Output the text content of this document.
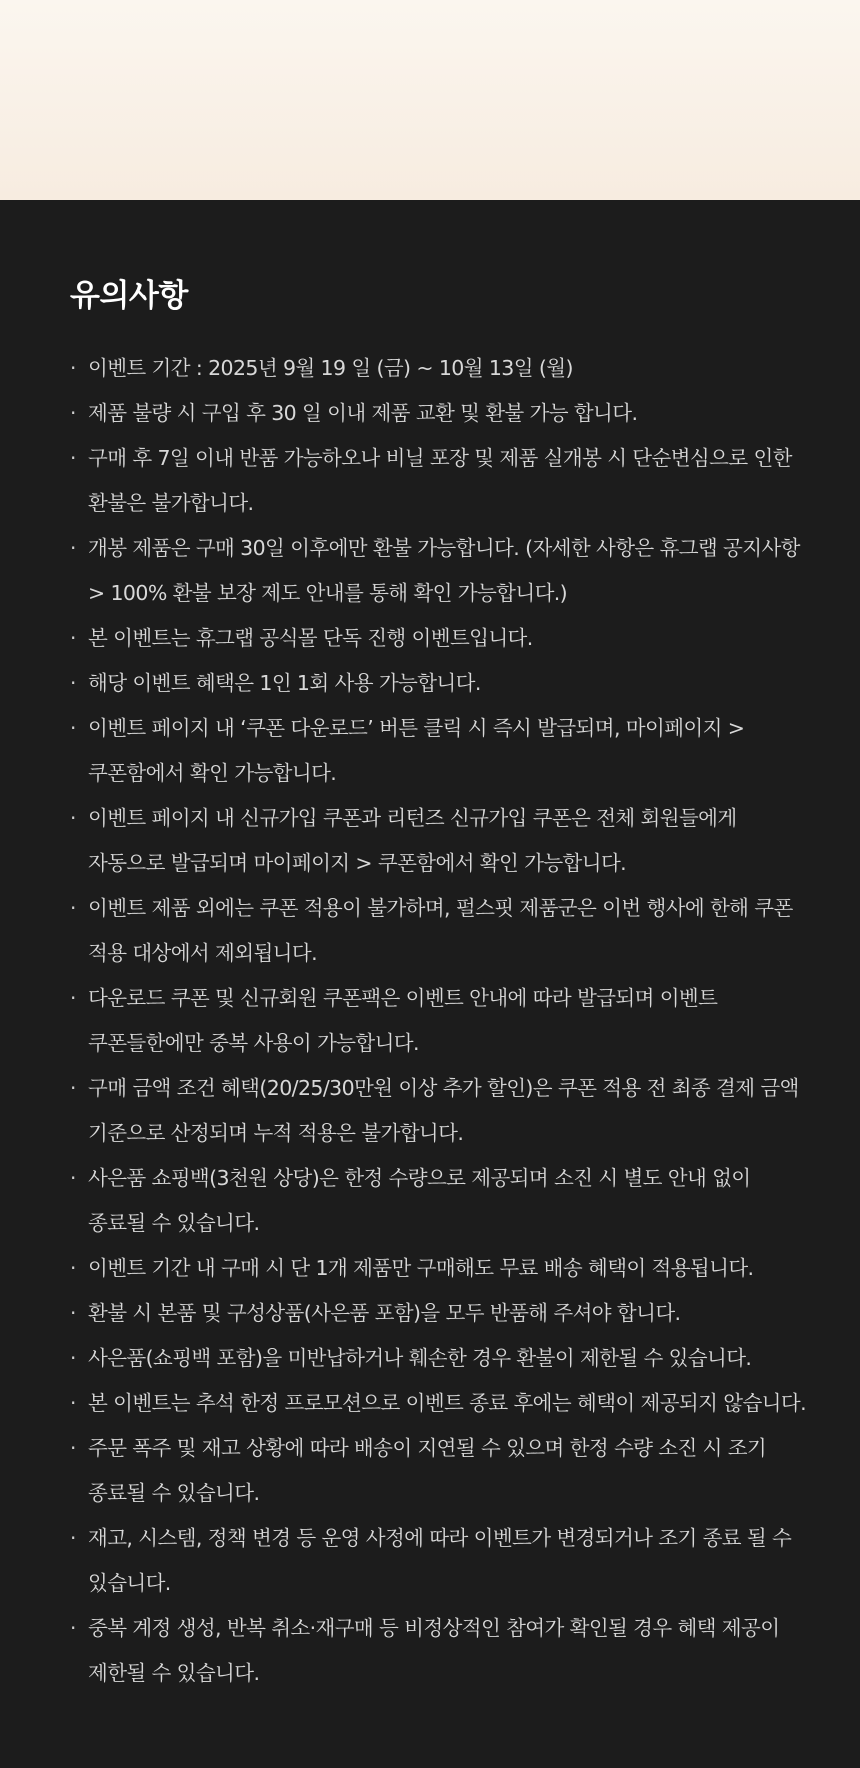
유의사항
· 이벤트 기간 : 2025년 9월 19 일 (금) ~ 10월 13일 (월)
· 제품 불량 시 구입 후 30 일 이내 제품 교환 및 환불 가능 합니다.
· 구매 후 7일 이내 반품 가능하오나 비닐 포장 및 제품 실개봉 시 단순변심으로 인한 환불은 불가합니다.
· 개봉 제품은 구매 30일 이후에만 환불 가능합니다. (자세한 사항은 휴그랩 공지사항 > 100% 환불 보장 제도 안내를 통해 확인 가능합니다.)
· 본 이벤트는 휴그랩 공식몰 단독 진행 이벤트입니다.
· 해당 이벤트 혜택은 1인 1회 사용 가능합니다.
· 이벤트 페이지 내 ‘쿠폰 다운로드’ 버튼 클릭 시 즉시 발급되며, 마이페이지 > 쿠폰함에서 확인 가능합니다.
· 이벤트 페이지 내 신규가입 쿠폰과 리턴즈 신규가입 쿠폰은 전체 회원들에게 자동으로 발급되며 마이페이지 > 쿠폰함에서 확인 가능합니다.
· 이벤트 제품 외에는 쿠폰 적용이 불가하며, 펄스핏 제품군은 이번 행사에 한해 쿠폰 적용 대상에서 제외됩니다.
· 다운로드 쿠폰 및 신규회원 쿠폰팩은 이벤트 안내에 따라 발급되며 이벤트 쿠폰들한에만 중복 사용이 가능합니다.
· 구매 금액 조건 혜택(20/25/30만원 이상 추가 할인)은 쿠폰 적용 전 최종 결제 금액 기준으로 산정되며 누적 적용은 불가합니다.
· 사은품 쇼핑백(3천원 상당)은 한정 수량으로 제공되며 소진 시 별도 안내 없이 종료될 수 있습니다.
· 이벤트 기간 내 구매 시 단 1개 제품만 구매해도 무료 배송 혜택이 적용됩니다.
· 환불 시 본품 및 구성상품(사은품 포함)을 모두 반품해 주셔야 합니다.
· 사은품(쇼핑백 포함)을 미반납하거나 훼손한 경우 환불이 제한될 수 있습니다.
· 본 이벤트는 추석 한정 프로모션으로 이벤트 종료 후에는 혜택이 제공되지 않습니다.
· 주문 폭주 및 재고 상황에 따라 배송이 지연될 수 있으며 한정 수량 소진 시 조기 종료될 수 있습니다.
· 재고, 시스템, 정책 변경 등 운영 사정에 따라 이벤트가 변경되거나 조기 종료 될 수 있습니다.
· 중복 계정 생성, 반복 취소·재구매 등 비정상적인 참여가 확인될 경우 혜택 제공이 제한될 수 있습니다.
